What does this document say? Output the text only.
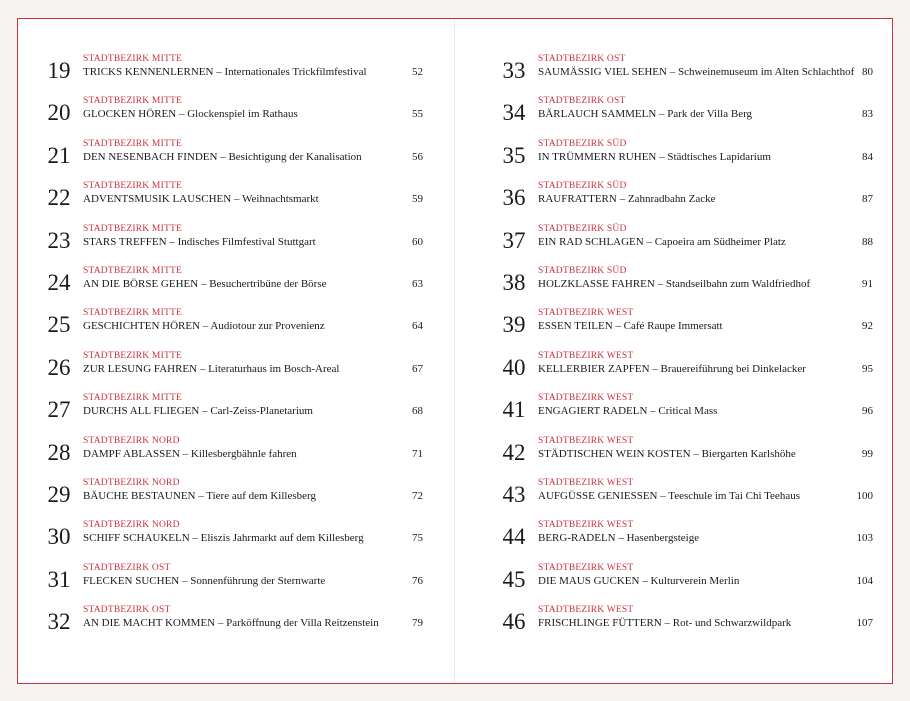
19	STADTBEZIRK MITTE
TRICKS KENNENLERNEN – Internationales Trickfilmfestival	52
20	STADTBEZIRK MITTE
GLOCKEN HÖREN – Glockenspiel im Rathaus	55
21	STADTBEZIRK MITTE
DEN NESENBACH FINDEN – Besichtigung der Kanalisation	56
22	STADTBEZIRK MITTE
ADVENTSMUSIK LAUSCHEN – Weihnachtsmarkt	59
23	STADTBEZIRK MITTE
STARS TREFFEN – Indisches Filmfestival Stuttgart	60
24	STADTBEZIRK MITTE
AN DIE BÖRSE GEHEN – Besuchertribüne der Börse	63
25	STADTBEZIRK MITTE
GESCHICHTEN HÖREN – Audiotour zur Provenienz	64
26	STADTBEZIRK MITTE
ZUR LESUNG FAHREN – Literaturhaus im Bosch-Areal	67
27	STADTBEZIRK MITTE
DURCHS ALL FLIEGEN – Carl-Zeiss-Planetarium	68
28	STADTBEZIRK NORD
DAMPF ABLASSEN – Killesbergbähnle fahren	71
29	STADTBEZIRK NORD
BÄUCHE BESTAUNEN – Tiere auf dem Killesberg	72
30	STADTBEZIRK NORD
SCHIFF SCHAUKELN – Eliszis Jahrmarkt auf dem Killesberg	75
31	STADTBEZIRK OST
FLECKEN SUCHEN – Sonnenführung der Sternwarte	76
32	STADTBEZIRK OST
AN DIE MACHT KOMMEN – Parköffnung der Villa Reitzenstein	79
33	STADTBEZIRK OST
SAUMÄSSIG VIEL SEHEN – Schweinemuseum im Alten Schlachthof 80
34	STADTBEZIRK OST
BÄRLAUCH SAMMELN – Park der Villa Berg	83
35	STADTBEZIRK SÜD
IN TRÜMMERN RUHEN – Städtisches Lapidarium	84
36	STADTBEZIRK SÜD
RAUFRATTERN – Zahnradbahn Zacke	87
37	STADTBEZIRK SÜD
EIN RAD SCHLAGEN – Capoeira am Südheimer Platz	88
38	STADTBEZIRK SÜD
HOLZKLASSE FAHREN – Standseilbahn zum Waldfriedhof	91
39	STADTBEZIRK WEST
ESSEN TEILEN – Café Raupe Immersatt	92
40	STADTBEZIRK WEST
KELLERBIER ZAPFEN – Brauereiführung bei Dinkelacker	95
41	STADTBEZIRK WEST
ENGAGIERT RADELN – Critical Mass	96
42	STADTBEZIRK WEST
STÄDTISCHEN WEIN KOSTEN – Biergarten Karlshöhe	99
43	STADTBEZIRK WEST
AUFGÜSSE GENIESSEN – Teeschule im Tai Chi Teehaus	100
44	STADTBEZIRK WEST
BERG-RADELN – Hasenbergsteige	103
45	STADTBEZIRK WEST
DIE MAUS GUCKEN – Kulturverein Merlin	104
46	STADTBEZIRK WEST
FRISCHLINGE FÜTTERN – Rot- und Schwarzwildpark	107
